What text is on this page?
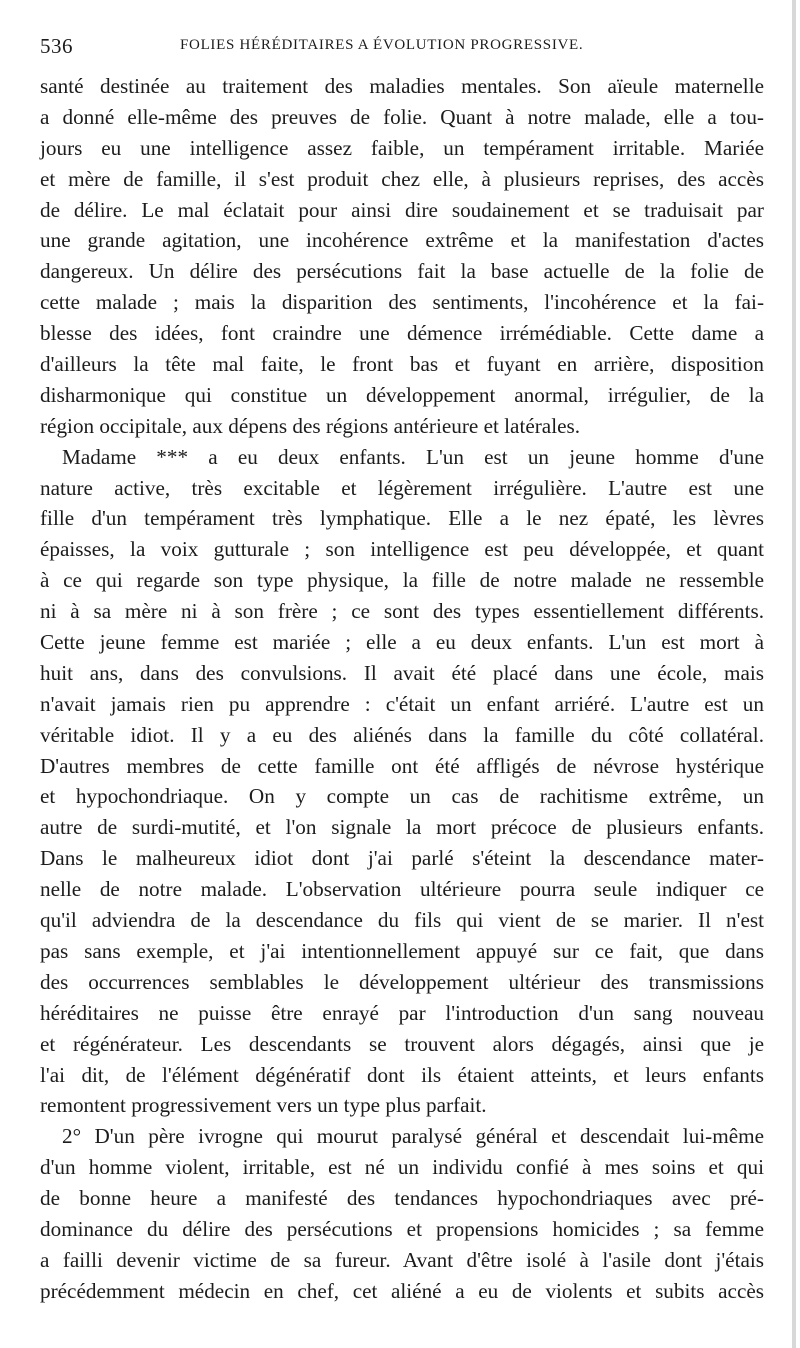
536	FOLIES HÉRÉDITAIRES A ÉVOLUTION PROGRESSIVE.
santé destinée au traitement des maladies mentales. Son aïeule maternelle
a donné elle-même des preuves de folie. Quant à notre malade, elle a tou-
jours eu une intelligence assez faible, un tempérament irritable. Mariée
et mère de famille, il s'est produit chez elle, à plusieurs reprises, des accès
de délire. Le mal éclatait pour ainsi dire soudainement et se traduisait par
une grande agitation, une incohérence extrême et la manifestation d'actes
dangereux. Un délire des persécutions fait la base actuelle de la folie de
cette malade ; mais la disparition des sentiments, l'incohérence et la fai-
blesse des idées, font craindre une démence irrémédiable. Cette dame a
d'ailleurs la tête mal faite, le front bas et fuyant en arrière, disposition
disharmonique qui constitue un développement anormal, irrégulier, de la
région occipitale, aux dépens des régions antérieure et latérales.
Madame *** a eu deux enfants. L'un est un jeune homme d'une
nature active, très excitable et légèrement irrégulière. L'autre est une
fille d'un tempérament très lymphatique. Elle a le nez épaté, les lèvres
épaisses, la voix gutturale ; son intelligence est peu développée, et quant
à ce qui regarde son type physique, la fille de notre malade ne ressemble
ni à sa mère ni à son frère ; ce sont des types essentiellement différents.
Cette jeune femme est mariée ; elle a eu deux enfants. L'un est mort à
huit ans, dans des convulsions. Il avait été placé dans une école, mais
n'avait jamais rien pu apprendre : c'était un enfant arriéré. L'autre est un
véritable idiot. Il y a eu des aliénés dans la famille du côté collatéral.
D'autres membres de cette famille ont été affligés de névrose hystérique
et hypochondriaque. On y compte un cas de rachitisme extrême, un
autre de surdi-mutité, et l'on signale la mort précoce de plusieurs enfants.
Dans le malheureux idiot dont j'ai parlé s'éteint la descendance mater-
nelle de notre malade. L'observation ultérieure pourra seule indiquer ce
qu'il adviendra de la descendance du fils qui vient de se marier. Il n'est
pas sans exemple, et j'ai intentionnellement appuyé sur ce fait, que dans
des occurrences semblables le développement ultérieur des transmissions
héréditaires ne puisse être enrayé par l'introduction d'un sang nouveau
et régénérateur. Les descendants se trouvent alors dégagés, ainsi que je
l'ai dit, de l'élément dégénératif dont ils étaient atteints, et leurs enfants
remontent progressivement vers un type plus parfait.
2° D'un père ivrogne qui mourut paralysé général et descendait lui-même
d'un homme violent, irritable, est né un individu confié à mes soins et qui
de bonne heure a manifesté des tendances hypochondriaques avec pré-
dominance du délire des persécutions et propensions homicides ; sa femme
a failli devenir victime de sa fureur. Avant d'être isolé à l'asile dont j'étais
précédemment médecin en chef, cet aliéné a eu de violents et subits accès
